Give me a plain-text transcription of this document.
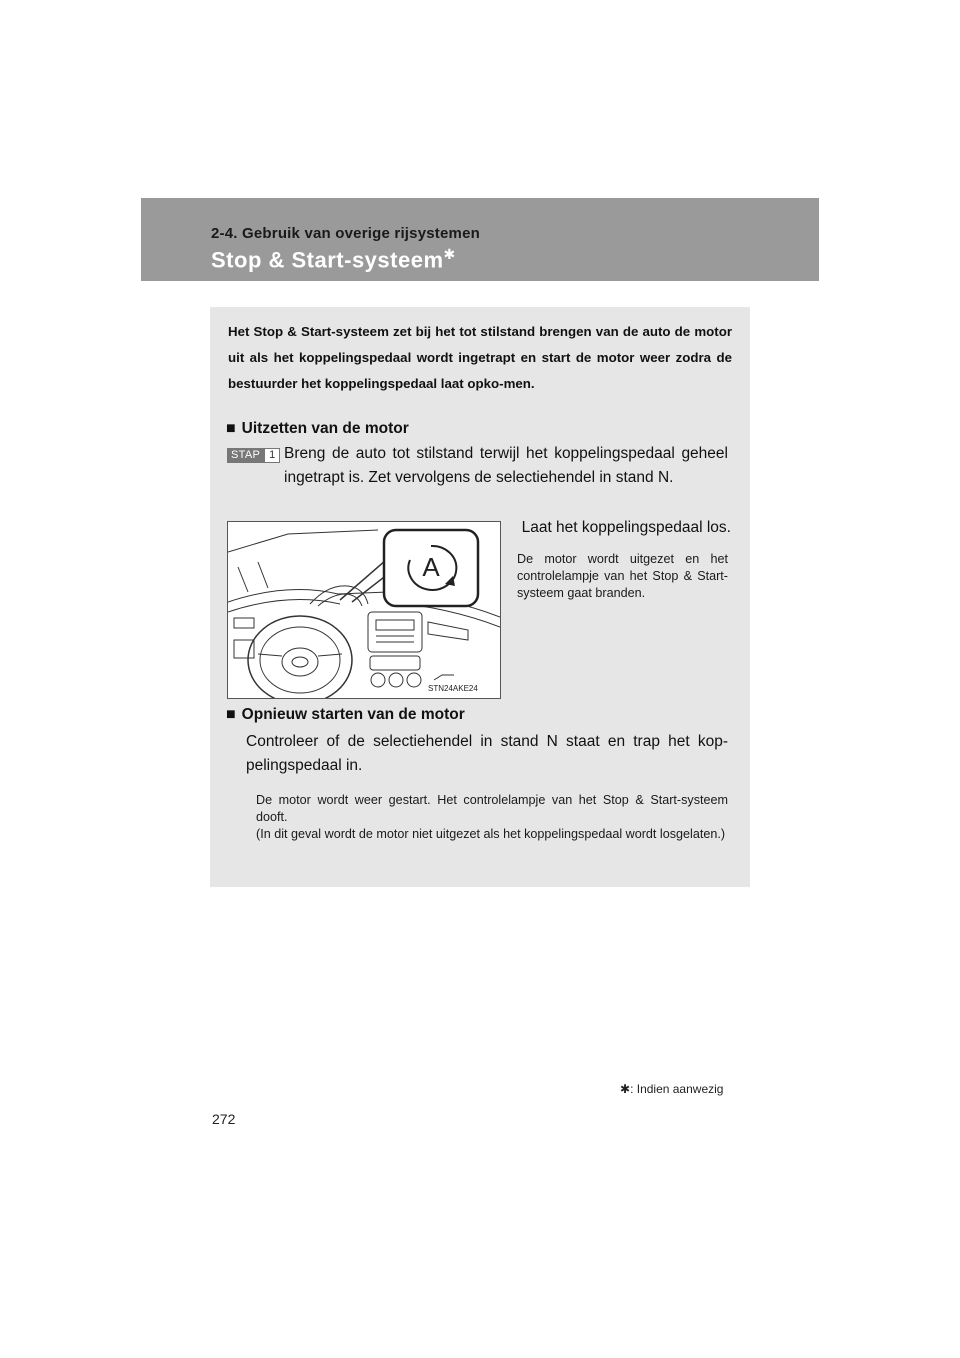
2-4. Gebruik van overige rijsystemen
Stop & Start-systeem✱
Het Stop & Start-systeem zet bij het tot stilstand brengen van de auto de motor uit als het koppelingspedaal wordt ingetrapt en start de motor weer zodra de bestuurder het koppelingspedaal laat opko-men.
■ Uitzetten van de motor
STAP 1 Breng de auto tot stilstand terwijl het koppelingspedaal geheel ingetrapt is. Zet vervolgens de selectiehendel in stand N.
Laat het koppelingspedaal los.
De motor wordt uitgezet en het controlelampje van het Stop & Start-systeem gaat branden.
■ Opnieuw starten van de motor
Controleer of de selectiehendel in stand N staat en trap het kop-pelingspedaal in.
De motor wordt weer gestart. Het controlelampje van het Stop & Start-systeem dooft.
(In dit geval wordt de motor niet uitgezet als het koppelingspedaal wordt losgelaten.)
A
STN24AKE24
✱: Indien aanwezig
272
